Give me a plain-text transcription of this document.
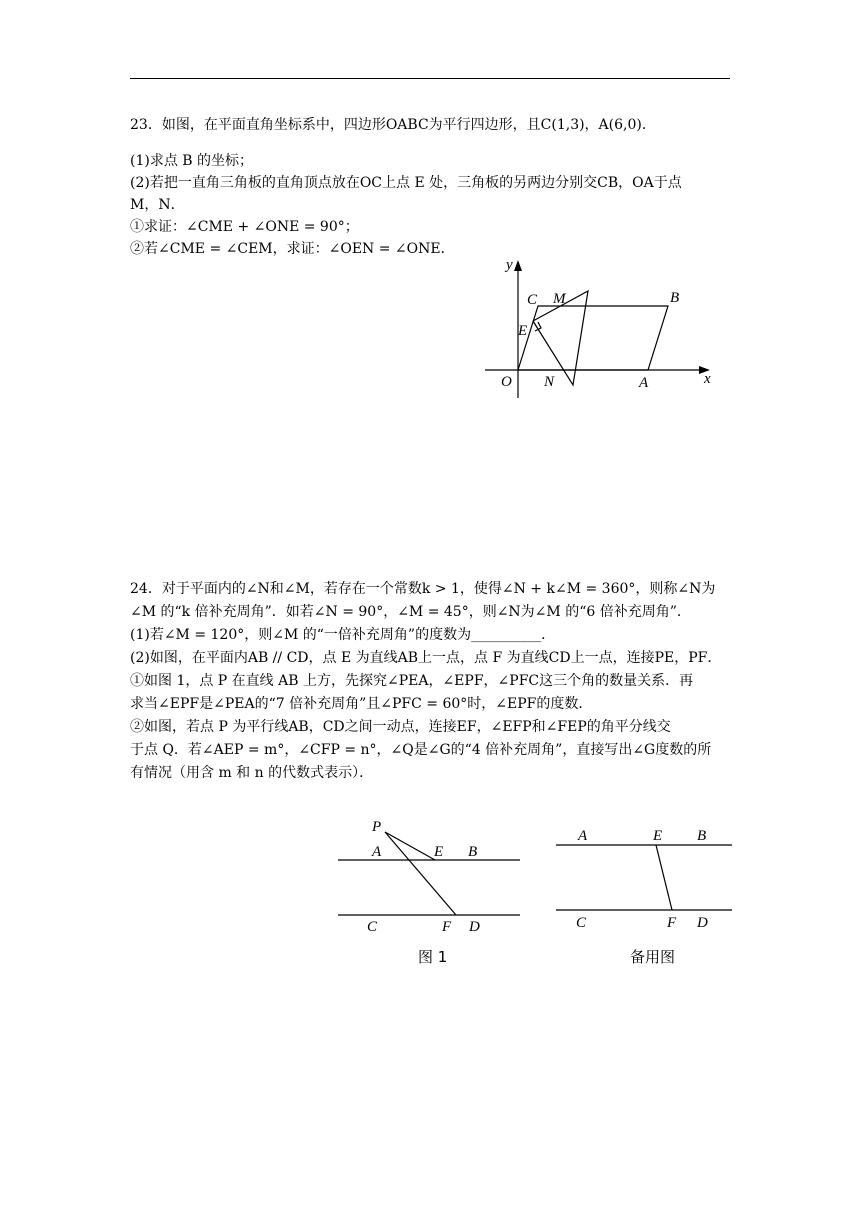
23．如图，在平面直角坐标系中，四边形OABC为平行四边形，且C(1,3)，A(6,0)．
(1)求点 B 的坐标；
(2)若把一直角三角板的直角顶点放在OC上点 E 处，三角板的另两边分别交CB，OA于点
M，N．
①求证：∠CME + ∠ONE = 90°；
②若∠CME = ∠CEM，求证：∠OEN = ∠ONE．
y
x
O
C M	B
E
N	A
24．对于平面内的∠N和∠M，若存在一个常数k > 1，使得∠N + k∠M = 360°，则称∠N为
∠M 的“k 倍补充周角”．如若∠N = 90°，∠M = 45°，则∠N为∠M 的“6 倍补充周角”．
(1)若∠M = 120°，则∠M 的“一倍补充周角”的度数为__________．
(2)如图，在平面内AB // CD，点 E 为直线AB上一点，点 F 为直线CD上一点，连接PE，PF．
①如图 1，点 P 在直线 AB 上方，先探究∠PEA，∠EPF，∠PFC这三个角的数量关系．再
求当∠EPF是∠PEA的“7 倍补充周角”且∠PFC = 60°时，∠EPF的度数．
②如图，若点 P 为平行线AB，CD之间一动点，连接EF，∠EFP和∠FEP的角平分线交
于点 Q．若∠AEP = m°，∠CFP = n°，∠Q是∠G的“4 倍补充周角”，直接写出∠G度数的所
有情况（用含 m 和 n 的代数式表示）．
P
A	E B
C	F D
图 1
A	E B
C	F D
备用图
